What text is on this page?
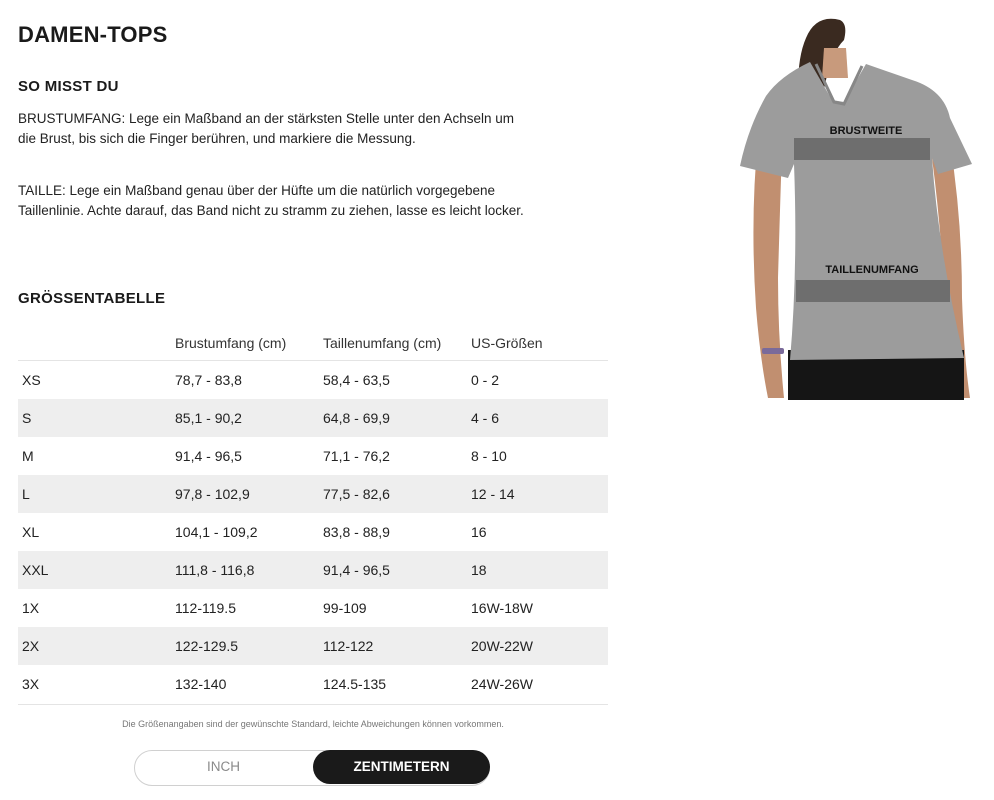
DAMEN-TOPS
SO MISST DU
BRUSTUMFANG: Lege ein Maßband an der stärksten Stelle unter den Achseln um die Brust, bis sich die Finger berühren, und markiere die Messung.
TAILLE: Lege ein Maßband genau über der Hüfte um die natürlich vorgegebene Taillenlinie. Achte darauf, das Band nicht zu stramm zu ziehen, lasse es leicht locker.
GRÖSSENTABELLE
	Brustumfang (cm)	Taillenumfang (cm)	US-Größen
XS	78,7 - 83,8	58,4 - 63,5	0 - 2
S	85,1 - 90,2	64,8 - 69,9	4 - 6
M	91,4 - 96,5	71,1 - 76,2	8 - 10
L	97,8 - 102,9	77,5 - 82,6	12 - 14
XL	104,1 - 109,2	83,8 - 88,9	16
XXL	111,8 - 116,8	91,4 - 96,5	18
1X	112-119.5	99-109	16W-18W
2X	122-129.5	112-122	20W-22W
3X	132-140	124.5-135	24W-26W
Die Größenangaben sind der gewünschte Standard, leichte Abweichungen können vorkommen.
INCH	ZENTIMETERN
BRUSTWEITE
TAILLENUMFANG
